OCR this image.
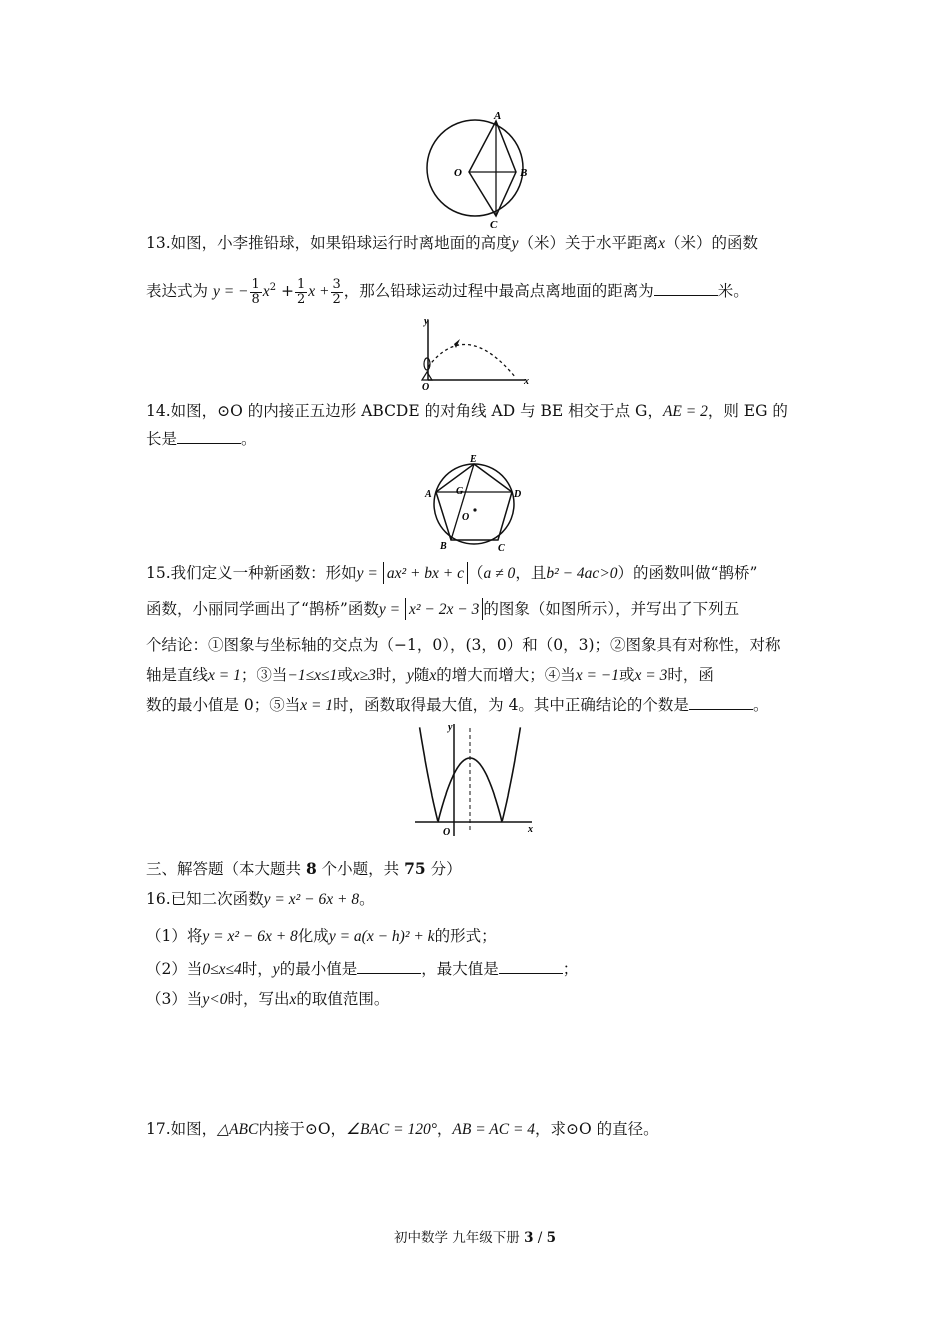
A
B
C
O
13.如图，小李推铅球，如果铅球运行时离地面的高度y（米）关于水平距离x（米）的函数
表达式为 y = − $\frac{1}{8} x^2 + \frac{1}{2}$ $x + \frac{3}{2}$ ，那么铅球运动过程中最高点离地面的距离为	米。
y
x
O
14.如图，⊙O 的内接正五边形 ABCDE 的对角线 AD 与 BE 相交于点 G，AE = 2，则 EG 的
长是	。
E
D
A G
O
B	C
15.我们定义一种新函数：形如y = ax² + bx + c （a ≠ 0，且b² − 4ac>0）的函数叫做“鹊桥”
函数，小丽同学画出了“鹊桥”函数y = x² − 2x − 3 的图象（如图所示），并写出了下列五
个结论：①图象与坐标轴的交点为（−1，0），(3，0）和（0，3)；②图象具有对称性，对称
轴是直线x = 1；③当−1≤x≤1或x≥3时，y随x的增大而增大；④当x = −1或x = 3时，函
数的最小值是 0；⑤当x = 1时，函数取得最大值，为 4。其中正确结论的个数是	。
y
x
O
三、解答题（本大题共 8 个小题，共 75 分）
16.已知二次函数y = x² − 6x + 8。
（1）将y = x² − 6x + 8化成y = a(x − h)² + k的形式；
（2）当0≤x≤4时，y的最小值是	，最大值是	；
（3）当y<0时，写出x的取值范围。
17.如图，△ABC内接于⊙O，∠BAC = 120°，AB = AC = 4，求⊙O 的直径。
初中数学 九年级下册 3 / 5
